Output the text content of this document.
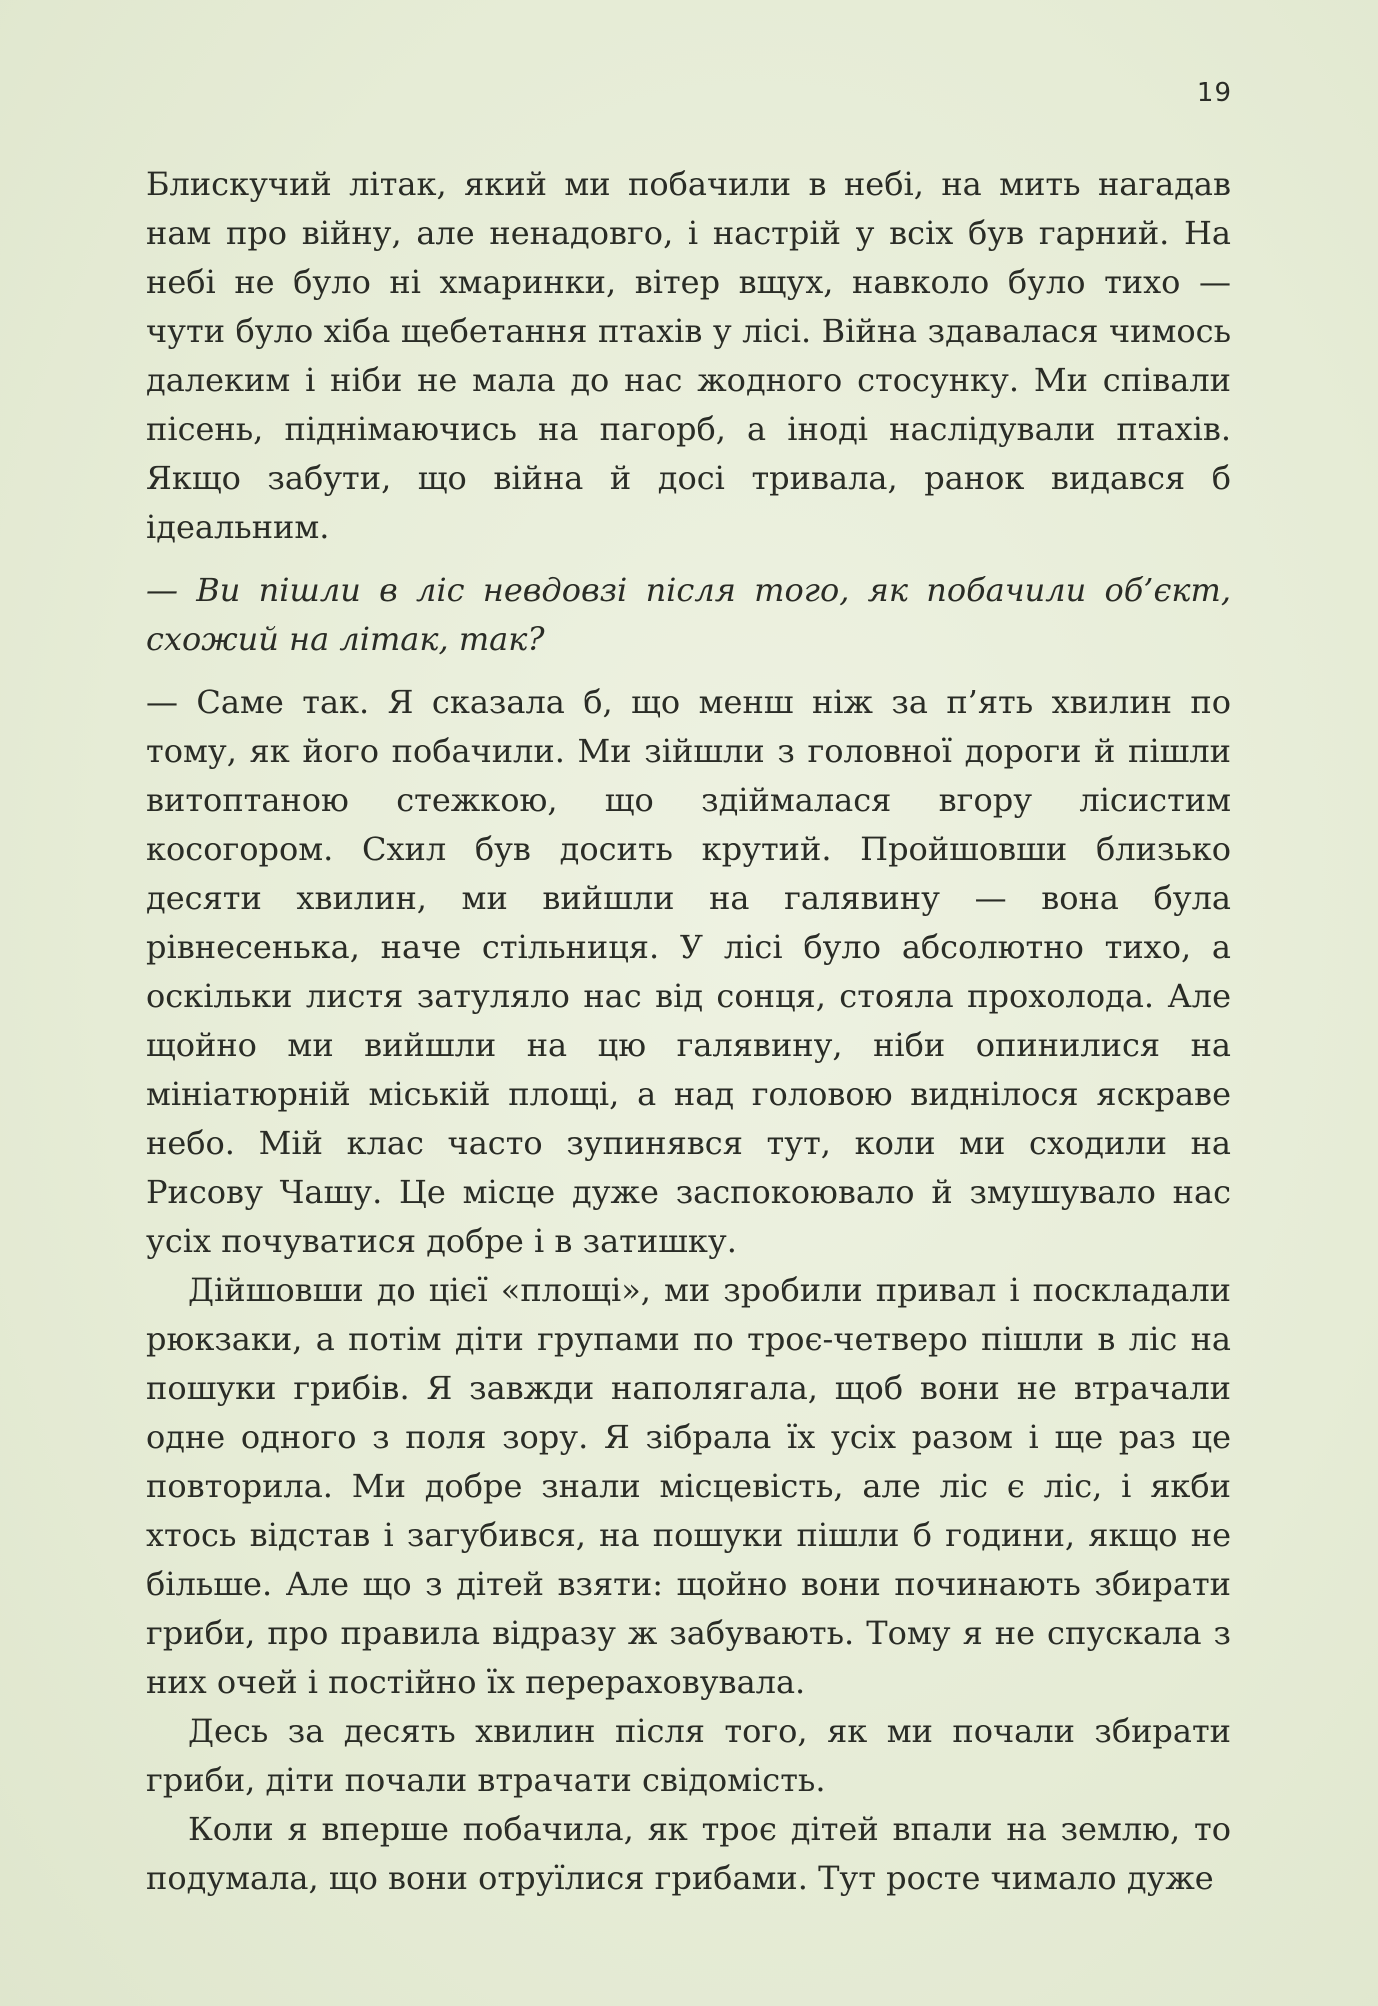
19

Блискучий літак, який ми побачили в небі, на мить нагадав нам про війну, але ненадовго, і настрій у всіх був гарний. На небі не було ні хмаринки, вітер вщух, навколо було тихо — чути було хіба щебетання птахів у лісі. Війна здавалася чимось далеким і ніби не мала до нас жодного стосунку. Ми співали пісень, піднімаючись на пагорб, а іноді наслідували птахів. Якщо забути, що війна й досі тривала, ранок видався б ідеальним.

— Ви пішли в ліс невдовзі після того, як побачили об’єкт, схожий на літак, так?

— Саме так. Я сказала б, що менш ніж за п’ять хвилин по тому, як його побачили. Ми зійшли з головної дороги й пішли витоптаною стежкою, що здіймалася вгору лісистим косогором. Схил був досить крутий. Пройшовши близько десяти хвилин, ми вийшли на галявину — вона була рівнесенька, наче стільниця. У лісі було абсолютно тихо, а оскільки листя затуляло нас від сонця, стояла прохолода. Але щойно ми вийшли на цю галявину, ніби опинилися на мініатюрній міській площі, а над головою виднілося яскраве небо. Мій клас часто зупинявся тут, коли ми сходили на Рисову Чашу. Це місце дуже заспокоювало й змушувало нас усіх почуватися добре і в затишку.

Дійшовши до цієї «площі», ми зробили привал і поскладали рюкзаки, а потім діти групами по троє-четверо пішли в ліс на пошуки грибів. Я завжди наполягала, щоб вони не втрачали одне одного з поля зору. Я зібрала їх усіх разом і ще раз це повторила. Ми добре знали місцевість, але ліс є ліс, і якби хтось відстав і загубився, на пошуки пішли б години, якщо не більше. Але що з дітей взяти: щойно вони починають збирати гриби, про правила відразу ж забувають. Тому я не спускала з них очей і постійно їх перераховувала.

Десь за десять хвилин після того, як ми почали збирати гриби, діти почали втрачати свідомість.

Коли я вперше побачила, як троє дітей впали на землю, то подумала, що вони отруїлися грибами. Тут росте чимало дуже
